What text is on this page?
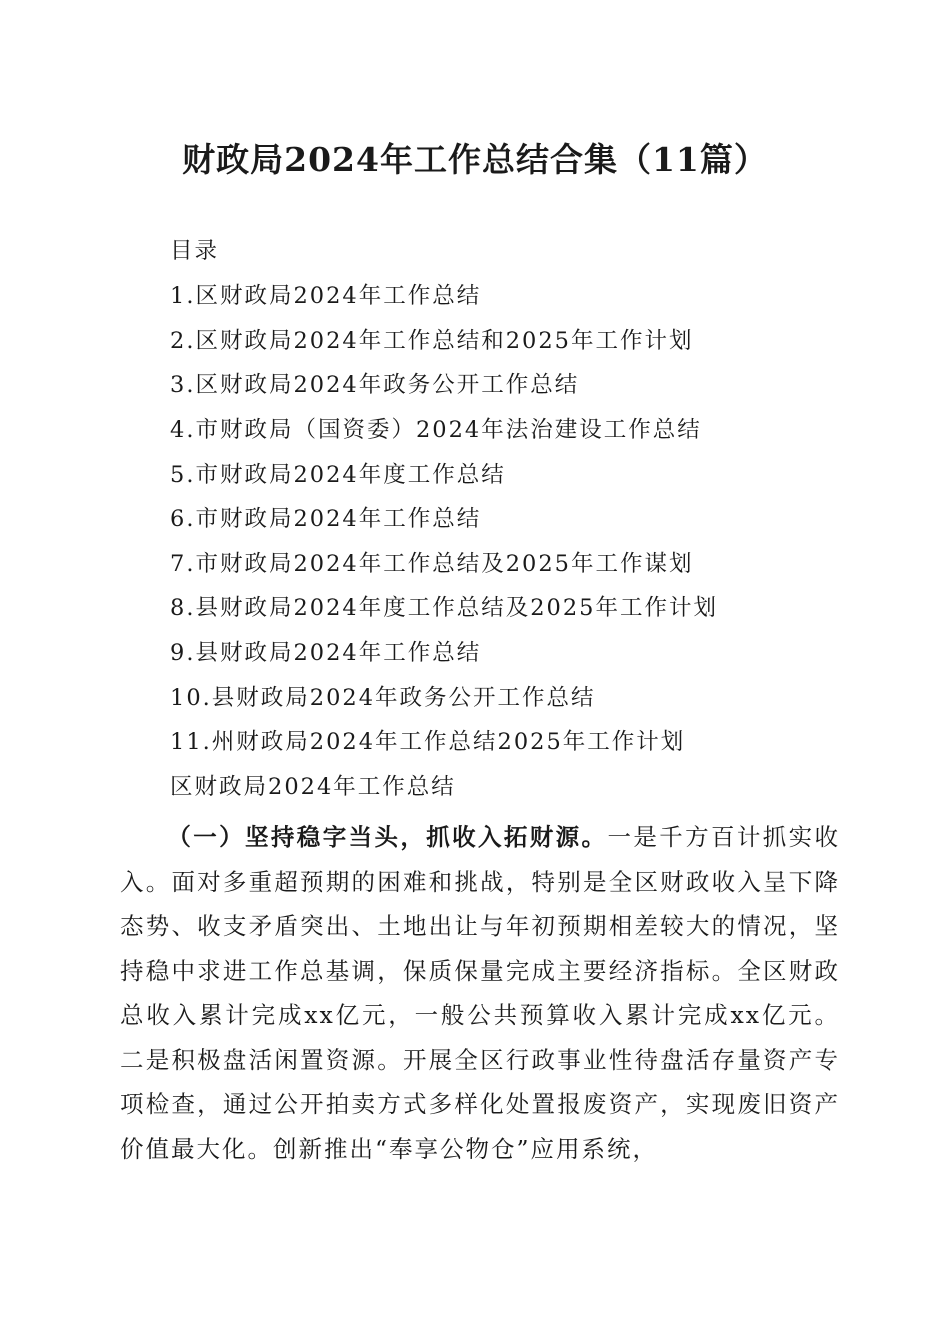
财政局2024年工作总结合集（11篇）
目录
1.区财政局2024年工作总结
2.区财政局2024年工作总结和2025年工作计划
3.区财政局2024年政务公开工作总结
4.市财政局（国资委）2024年法治建设工作总结
5.市财政局2024年度工作总结
6.市财政局2024年工作总结
7.市财政局2024年工作总结及2025年工作谋划
8.县财政局2024年度工作总结及2025年工作计划
9.县财政局2024年工作总结
10.县财政局2024年政务公开工作总结
11.州财政局2024年工作总结2025年工作计划
区财政局2024年工作总结
（一）坚持稳字当头，抓收入拓财源。一是千方百计抓实收入。面对多重超预期的困难和挑战，特别是全区财政收入呈下降态势、收支矛盾突出、土地出让与年初预期相差较大的情况，坚持稳中求进工作总基调，保质保量完成主要经济指标。全区财政总收入累计完成xx亿元，一般公共预算收入累计完成xx亿元。二是积极盘活闲置资源。开展全区行政事业性待盘活存量资产专项检查，通过公开拍卖方式多样化处置报废资产，实现废旧资产价值最大化。创新推出“奉享公物仓”应用系统，
